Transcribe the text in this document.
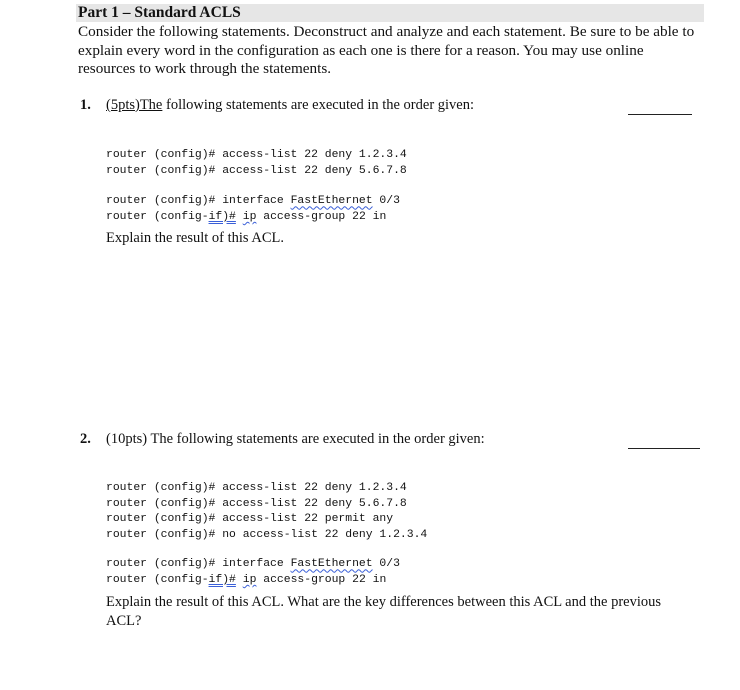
Part 1 – Standard ACLS
Consider the following statements. Deconstruct and analyze and each statement. Be sure to be able to explain every word in the configuration as each one is there for a reason. You may use online resources to work through the statements.
1. (5pts)The following statements are executed in the order given:

router (config)# access-list 22 deny 1.2.3.4
router (config)# access-list 22 deny 5.6.7.8

router (config)# interface FastEthernet 0/3
router (config-if)# ip access-group 22 in
Explain the result of this ACL.
2. (10pts) The following statements are executed in the order given:

router (config)# access-list 22 deny 1.2.3.4
router (config)# access-list 22 deny 5.6.7.8
router (config)# access-list 22 permit any
router (config)# no access-list 22 deny 1.2.3.4

router (config)# interface FastEthernet 0/3
router (config-if)# ip access-group 22 in
Explain the result of this ACL. What are the key differences between this ACL and the previous ACL?
